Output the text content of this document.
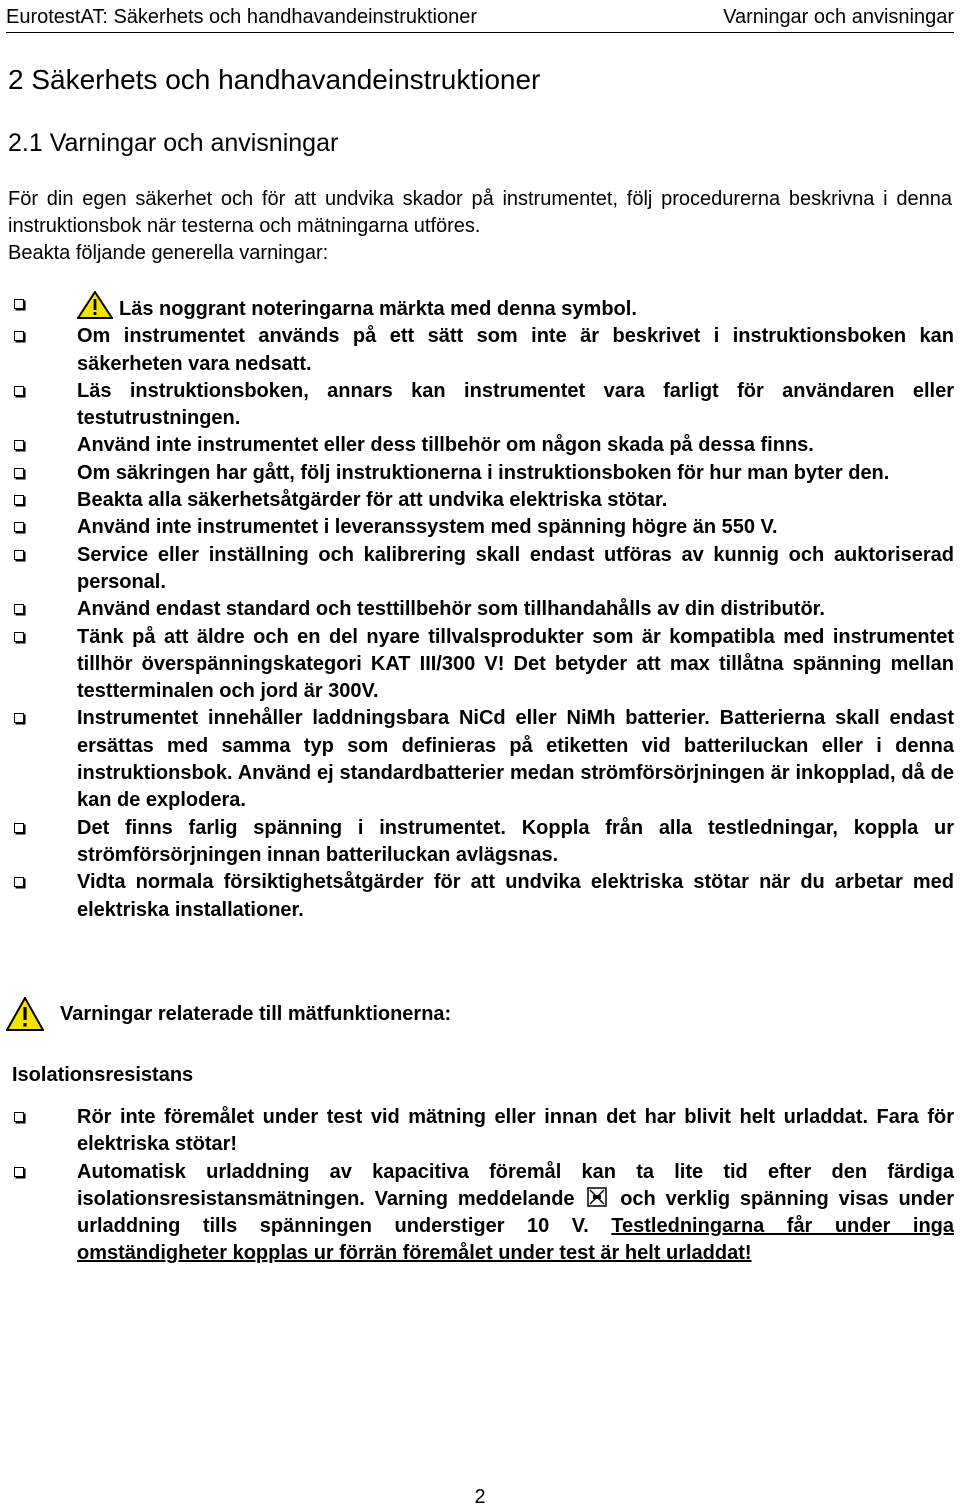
EurotestAT: Säkerhets och handhavandeinstruktioner	Varningar och anvisningar
2 Säkerhets och handhavandeinstruktioner
2.1 Varningar och anvisningar

För din egen säkerhet och för att undvika skador på instrumentet, följ procedurerna beskrivna i denna instruktionsbok när testerna och mätningarna utföres.

Beakta följande generella varningar:

Läs noggrant noteringarna märkta med denna symbol.
Om instrumentet används på ett sätt som inte är beskrivet i instruktionsboken kan säkerheten vara nedsatt.
Läs instruktionsboken, annars kan instrumentet vara farligt för användaren eller testutrustningen.
Använd inte instrumentet eller dess tillbehör om någon skada på dessa finns.
Om säkringen har gått, följ instruktionerna i instruktionsboken för hur man byter den.
Beakta alla säkerhetsåtgärder för att undvika elektriska stötar.
Använd inte instrumentet i leveranssystem med spänning högre än 550 V.
Service eller inställning och kalibrering skall endast utföras av kunnig och auktoriserad personal.
Använd endast standard och testtillbehör som tillhandahålls av din distributör.
Tänk på att äldre och en del nyare tillvalsprodukter som är kompatibla med instrumentet tillhör överspänningskategori KAT III/300 V! Det betyder att max tillåtna spänning mellan testterminalen och jord är 300V.
Instrumentet innehåller laddningsbara NiCd eller NiMh batterier. Batterierna skall endast ersättas med samma typ som definieras på etiketten vid batteriluckan eller i denna instruktionsbok. Använd ej standardbatterier medan strömförsörjningen är inkopplad, då de kan de explodera.
Det finns farlig spänning i instrumentet. Koppla från alla testledningar, koppla ur strömförsörjningen innan batteriluckan avlägsnas.
Vidta normala försiktighetsåtgärder för att undvika elektriska stötar när du arbetar med elektriska installationer.
Varningar relaterade till mätfunktionerna:
Isolationsresistans
Rör inte föremålet under test vid mätning eller innan det har blivit helt urladdat. Fara för elektriska stötar!
Automatisk urladdning av kapacitiva föremål kan ta lite tid efter den färdiga isolationsresistansmätningen. Varning meddelande och verklig spänning visas under urladdning tills spänningen understiger 10 V. Testledningarna får under inga omständigheter kopplas ur förrän föremålet under test är helt urladdat!
2
